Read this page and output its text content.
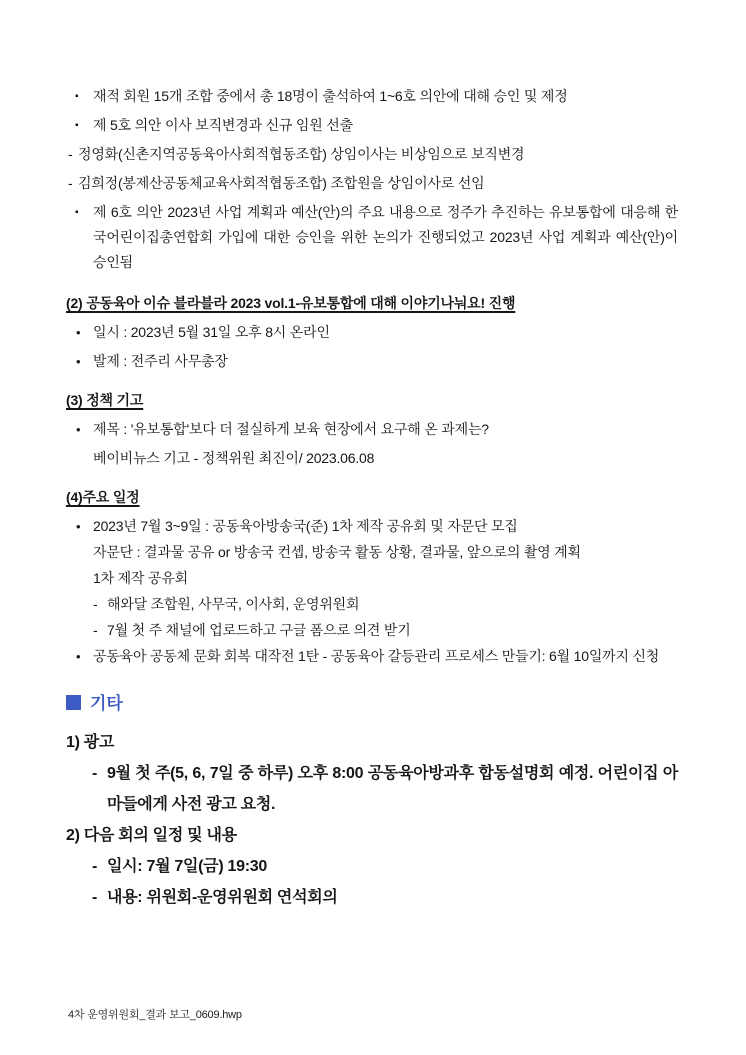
▪ 재적 회원 15개 조합 중에서 총 18명이 출석하여 1~6호 의안에 대해 승인 및 제정
▪ 제 5호 의안 이사 보직변경과 신규 임원 선출
- 정영화(신촌지역공동육아사회적협동조합) 상임이사는 비상임으로 보직변경
- 김희정(봉제산공동체교육사회적협동조합) 조합원을 상임이사로 선임
▪ 제 6호 의안 2023년 사업 계획과 예산(안)의 주요 내용으로 정주가 추진하는 유보통합에 대응해 한국어린이집총연합회 가입에 대한 승인을 위한 논의가 진행되었고 2023년 사업 계획과 예산(안)이 승인됨
(2) 공동육아 이슈 블라블라 2023 vol.1-유보통합에 대해 이야기나눠요! 진행
• 일시 : 2023년 5월 31일 오후 8시 온라인
• 발제 : 전주리 사무총장
(3) 정책 기고
• 제목 : '유보통합'보다 더 절실하게 보육 현장에서 요구해 온 과제는?
베이비뉴스 기고 - 정책위원 최진이/ 2023.06.08
(4)주요 일정
• 2023년 7월 3~9일 : 공동육아방송국(준) 1차 제작 공유회 및 자문단 모집
자문단 : 결과물 공유 or 방송국 컨셉, 방송국 활동 상황, 결과물, 앞으로의 촬영 계획
1차 제작 공유회
- 해와달 조합원, 사무국, 이사회, 운영위원회
- 7월 첫 주 채널에 업로드하고 구글 폼으로 의견 받기
• 공동육아 공동체 문화 회복 대작전 1탄 - 공동육아 갈등관리 프로세스 만들기: 6월 10일까지 신청
기타
1) 광고
- 9월 첫 주(5, 6, 7일 중 하루) 오후 8:00 공동육아방과후 합동설명회 예정. 어린이집 아마들에게 사전 광고 요청.
2) 다음 회의 일정 및 내용
- 일시: 7월 7일(금) 19:30
- 내용: 위원회-운영위원회 연석회의
4차 운영위원회_결과 보고_0609.hwp
